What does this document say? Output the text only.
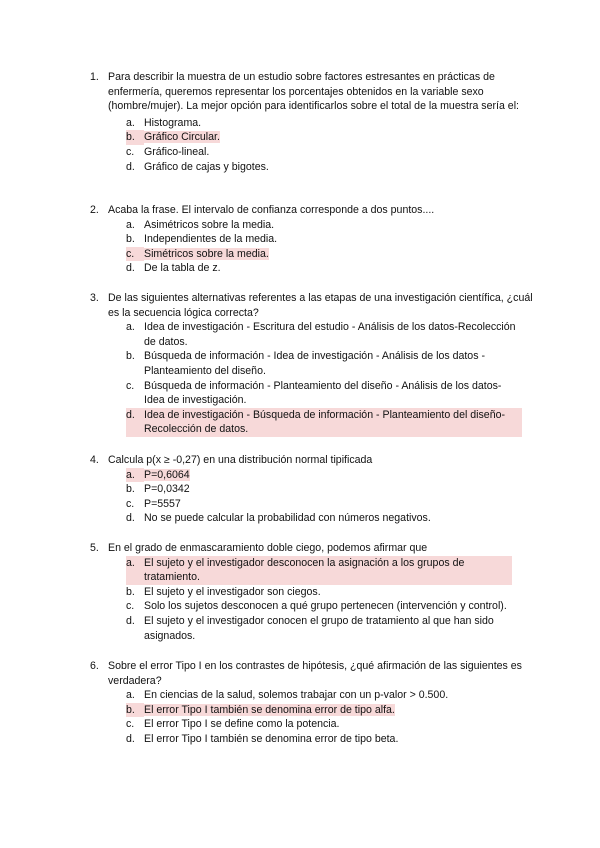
1. Para describir la muestra de un estudio sobre factores estresantes en prácticas de enfermería, queremos representar los porcentajes obtenidos en la variable sexo (hombre/mujer). La mejor opción para identificarlos sobre el total de la muestra sería el:
a. Histograma.
b. Gráfico Circular.
c. Gráfico-lineal.
d. Gráfico de cajas y bigotes.
2. Acaba la frase. El intervalo de confianza corresponde a dos puntos....
a. Asimétricos sobre la media.
b. Independientes de la media.
c. Simétricos sobre la media.
d. De la tabla de z.
3. De las siguientes alternativas referentes a las etapas de una investigación científica, ¿cuál es la secuencia lógica correcta?
a. Idea de investigación - Escritura del estudio - Análisis de los datos-Recolección de datos.
b. Búsqueda de información - Idea de investigación - Análisis de los datos - Planteamiento del diseño.
c. Búsqueda de información - Planteamiento del diseño - Análisis de los datos- Idea de investigación.
d. Idea de investigación - Búsqueda de información - Planteamiento del diseño- Recolección de datos.
4. Calcula p(x ≥ -0,27) en una distribución normal tipificada
a. P=0,6064
b. P=0,0342
c. P=5557
d. No se puede calcular la probabilidad con números negativos.
5. En el grado de enmascaramiento doble ciego, podemos afirmar que
a. El sujeto y el investigador desconocen la asignación a los grupos de tratamiento.
b. El sujeto y el investigador son ciegos.
c. Solo los sujetos desconocen a qué grupo pertenecen (intervención y control).
d. El sujeto y el investigador conocen el grupo de tratamiento al que han sido asignados.
6. Sobre el error Tipo I en los contrastes de hipótesis, ¿qué afirmación de las siguientes es verdadera?
a. En ciencias de la salud, solemos trabajar con un p-valor > 0.500.
b. El error Tipo I también se denomina error de tipo alfa.
c. El error Tipo I se define como la potencia.
d. El error Tipo I también se denomina error de tipo beta.
